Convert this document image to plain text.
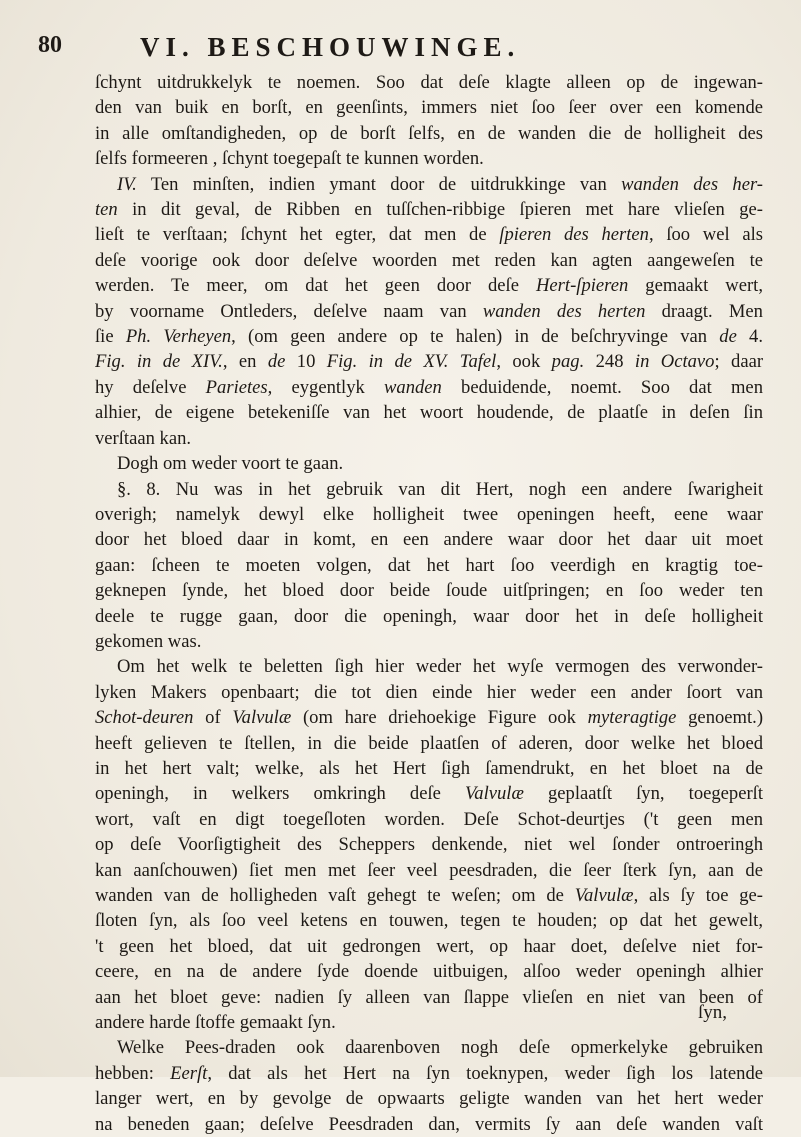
80	VI. BESCHOUWINGE.
ſchynt uitdrukkelyk te noemen. Soo dat deſe klagte alleen op de ingewan-
den van buik en borſt, en geenſints, immers niet ſoo ſeer over een komende
in alle omſtandigheden, op de borſt ſelfs, en de wanden die de holligheit des
ſelfs formeeren , ſchynt toegepaſt te kunnen worden.
IV. Ten minſten, indien ymant door de uitdrukkinge van wanden des her-
ten in dit geval, de Ribben en tuſſchen-ribbige ſpieren met hare vlieſen ge-
lieſt te verſtaan; ſchynt het egter, dat men de ſpieren des herten, ſoo wel als
deſe voorige ook door deſelve woorden met reden kan agten aangeweſen te
werden. Te meer, om dat het geen door deſe Hert-ſpieren gemaakt wert,
by voorname Ontleders, deſelve naam van wanden des herten draagt. Men
ſie Ph. Verheyen, (om geen andere op te halen) in de beſchryvinge van de 4.
Fig. in de XIV., en de 10 Fig. in de XV. Tafel, ook pag. 248 in Octavo; daar
hy deſelve Parietes, eygentlyk wanden beduidende, noemt. Soo dat men
alhier, de eigene betekeniſſe van het woort houdende, de plaatſe in deſen ſin
verſtaan kan.
Dogh om weder voort te gaan.
§. 8. Nu was in het gebruik van dit Hert, nogh een andere ſwarigheit
overigh; namelyk dewyl elke holligheit twee openingen heeft, eene waar
door het bloed daar in komt, en een andere waar door het daar uit moet
gaan: ſcheen te moeten volgen, dat het hart ſoo veerdigh en kragtig toe-
geknepen ſynde, het bloed door beide ſoude uitſpringen; en ſoo weder ten
deele te rugge gaan, door die openingh, waar door het in deſe holligheit
gekomen was.
Om het welk te beletten ſigh hier weder het wyſe vermogen des verwonder-
lyken Makers openbaart; die tot dien einde hier weder een ander ſoort van
Schot-deuren of Valvulæ (om hare driehoekige Figure ook myteragtige genoemt.)
heeft gelieven te ſtellen, in die beide plaatſen of aderen, door welke het bloed
in het hert valt; welke, als het Hert ſigh ſamendrukt, en het bloet na de
openingh, in welkers omkringh deſe Valvulæ geplaatſt ſyn, toegeperſt
wort, vaſt en digt toegeſloten worden. Deſe Schot-deurtjes ('t geen men
op deſe Voorſigtigheit des Scheppers denkende, niet wel ſonder ontroeringh
kan aanſchouwen) ſiet men met ſeer veel peesdraden, die ſeer ſterk ſyn, aan de
wanden van de holligheden vaſt gehegt te weſen; om de Valvulæ, als ſy toe ge-
ſloten ſyn, als ſoo veel ketens en touwen, tegen te houden; op dat het gewelt,
't geen het bloed, dat uit gedrongen wert, op haar doet, deſelve niet for-
ceere, en na de andere ſyde doende uitbuigen, alſoo weder openingh alhier
aan het bloet geve: nadien ſy alleen van ſlappe vlieſen en niet van been of
andere harde ſtoffe gemaakt ſyn.
Welke Pees-draden ook daarenboven nogh deſe opmerkelyke gebruiken
hebben: Eerſt, dat als het Hert na ſyn toeknypen, weder ſigh los latende
langer wert, en by gevolge de opwaarts geligte wanden van het hert weder
na beneden gaan; deſelve Peesdraden dan, vermits ſy aan deſe wanden vaſt
ſyn,
